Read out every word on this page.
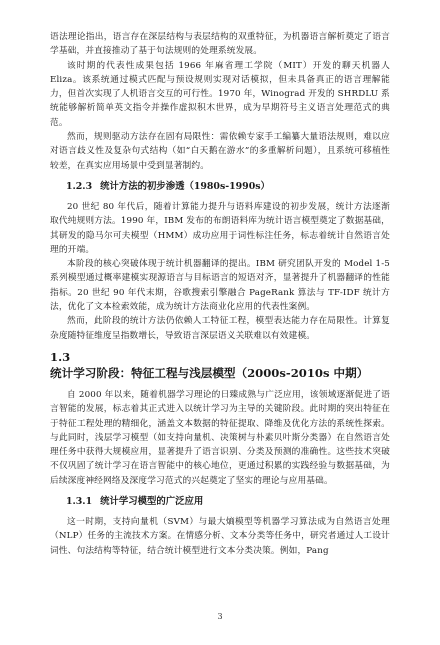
语法理论指出，语言存在深层结构与表层结构的双重特征，为机器语言解析奠定了语言学基础，并直接推动了基于句法规则的处理系统发展。

该时期的代表性成果包括 1966 年麻省理工学院（MIT）开发的聊天机器人 Eliza。该系统通过模式匹配与预设规则实现对话模拟，但未具备真正的语言理解能力，但首次实现了人机语言交互的可行性。1970 年，Winograd 开发的 SHRDLU 系统能够解析简单英文指令并操作虚拟积木世界，成为早期符号主义语言处理范式的典范。

然而，规则驱动方法存在固有局限性：需依赖专家手工编纂大量语法规则，难以应对语言歧义性及复杂句式结构（如“白天鹅在游水”的多重解析问题），且系统可移植性较差，在真实应用场景中受到显著制约。

1.2.3 统计方法的初步渗透（1980s-1990s）

20 世纪 80 年代后，随着计算能力提升与语料库建设的初步发展，统计方法逐渐取代纯规则方法。1990 年，IBM 发布的布朗语料库为统计语言模型奠定了数据基础，其研发的隐马尔可夫模型（HMM）成功应用于词性标注任务，标志着统计自然语言处理的开端。

本阶段的核心突破体现于统计机器翻译的提出。IBM 研究团队开发的 Model 1-5 系列模型通过概率建模实现源语言与目标语言的短语对齐，显著提升了机器翻译的性能指标。20 世纪 90 年代末期，谷歌搜索引擎融合 PageRank 算法与 TF-IDF 统计方法，优化了文本检索效能，成为统计方法商业化应用的代表性案例。

然而，此阶段的统计方法仍依赖人工特征工程，模型表达能力存在局限性。计算复杂度随特征维度呈指数增长，导致语言深层语义关联难以有效建模。

1.3统计学习阶段：特征工程与浅层模型（2000s-2010s 中期）

自 2000 年以来，随着机器学习理论的日臻成熟与广泛应用，该领域逐渐促进了语言智能的发展，标志着其正式进入以统计学习为主导的关键阶段。此时期的突出特征在于特征工程处理的精细化，涵盖文本数据的特征提取、降维及优化方法的系统性探索。与此同时，浅层学习模型（如支持向量机、决策树与朴素贝叶斯分类器）在自然语言处理任务中获得大规模应用，显著提升了语言识别、分类及预测的准确性。这些技术突破不仅巩固了统计学习在语言智能中的核心地位，更通过积累的实践经验与数据基础，为后续深度神经网络及深度学习范式的兴起奠定了坚实的理论与应用基础。

1.3.1 统计学习模型的广泛应用

这一时期，支持向量机（SVM）与最大熵模型等机器学习算法成为自然语言处理（NLP）任务的主流技术方案。在情感分析、文本分类等任务中，研究者通过人工设计词性、句法结构等特征，结合统计模型进行文本分类决策。例如，Pang

3
